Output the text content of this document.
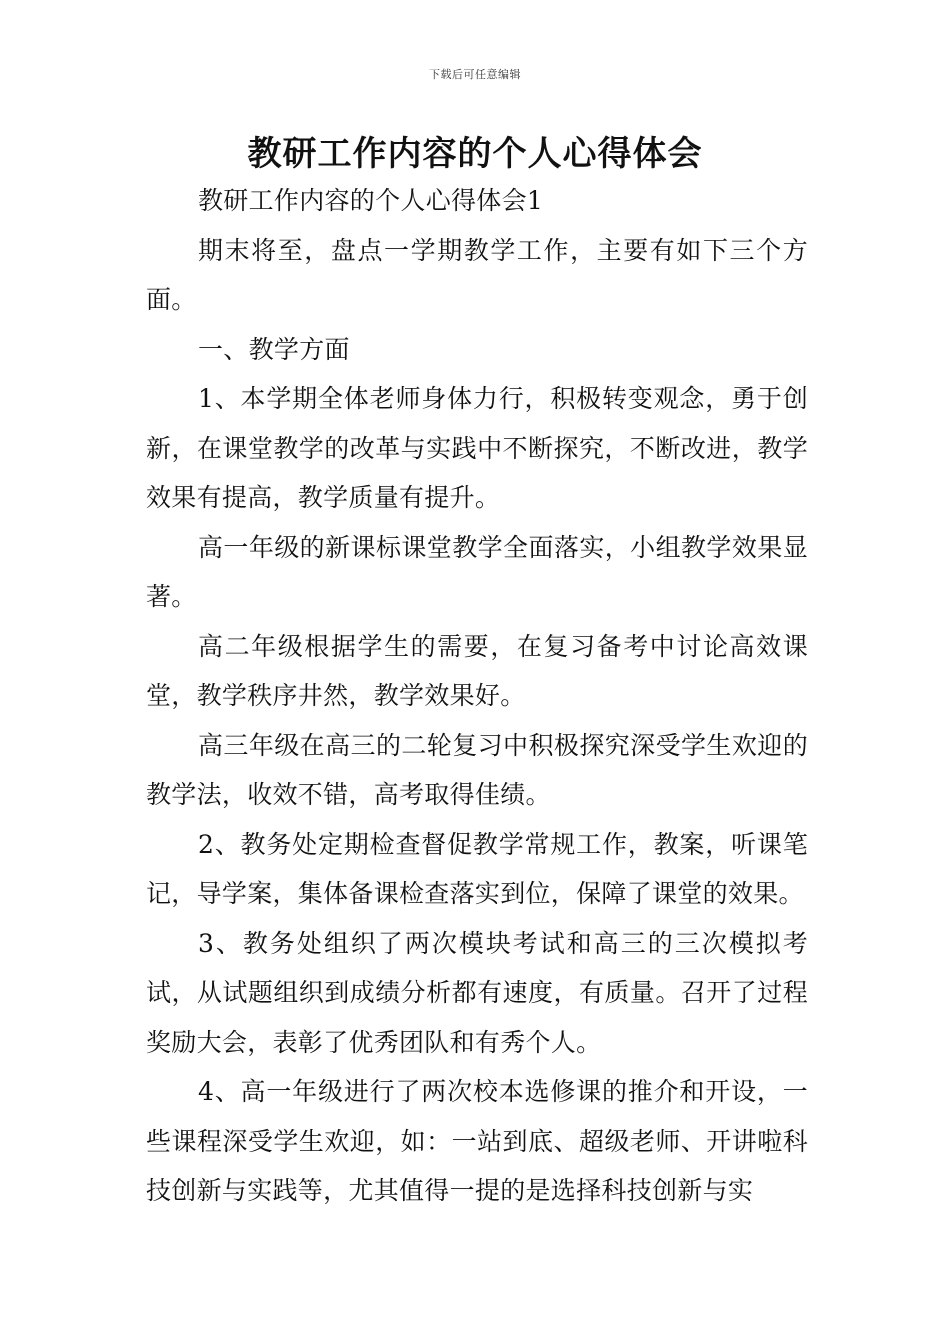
下载后可任意编辑
教研工作内容的个人心得体会

教研工作内容的个人心得体会1

期末将至，盘点一学期教学工作，主要有如下三个方面。

一、教学方面

1、本学期全体老师身体力行，积极转变观念，勇于创新，在课堂教学的改革与实践中不断探究，不断改进，教学效果有提高，教学质量有提升。

高一年级的新课标课堂教学全面落实，小组教学效果显著。

高二年级根据学生的需要，在复习备考中讨论高效课堂，教学秩序井然，教学效果好。

高三年级在高三的二轮复习中积极探究深受学生欢迎的教学法，收效不错，高考取得佳绩。

2、教务处定期检查督促教学常规工作，教案，听课笔记，导学案，集体备课检查落实到位，保障了课堂的效果。

3、教务处组织了两次模块考试和高三的三次模拟考试，从试题组织到成绩分析都有速度，有质量。召开了过程奖励大会，表彰了优秀团队和有秀个人。

4、高一年级进行了两次校本选修课的推介和开设，一些课程深受学生欢迎，如：一站到底、超级老师、开讲啦科技创新与实践等，尤其值得一提的是选择科技创新与实
